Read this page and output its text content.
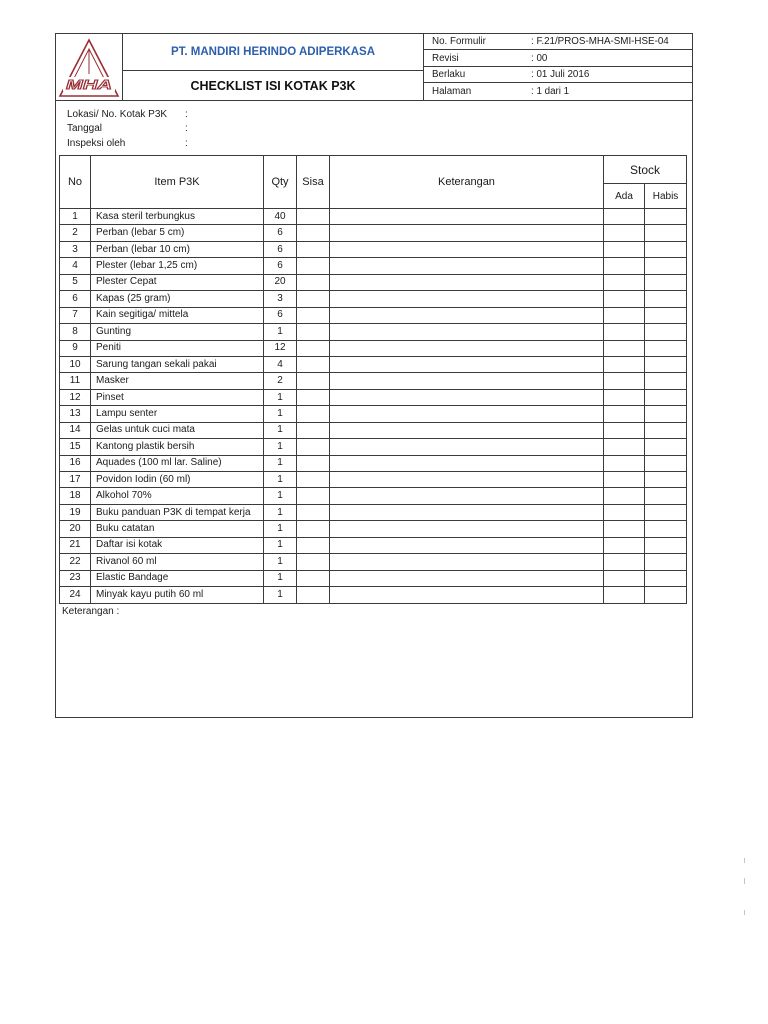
MHA
PT. MANDIRI HERINDO ADIPERKASA
CHECKLIST ISI KOTAK P3K
No. Formulir	: F.21/PROS-MHA-SMI-HSE-04
Revisi	: 00
Berlaku	: 01 Juli 2016
Halaman	: 1 dari 1
Lokasi/ No. Kotak P3K :
Tanggal	:
Inspeksi oleh	:
No	Item P3K	Qty	Sisa	Keterangan	Stock	
					Ada	Habis
1	Kasa steril terbungkus	40				
2	Perban (lebar 5 cm)	6				
3	Perban (lebar 10 cm)	6				
4	Plester (lebar 1,25 cm)	6				
5	Plester Cepat	20				
6	Kapas (25 gram)	3				
7	Kain segitiga/ mittela	6				
8	Gunting	1				
9	Peniti	12				
10	Sarung tangan sekali pakai	4				
11	Masker	2				
12	Pinset	1				
13	Lampu senter	1				
14	Gelas untuk cuci mata	1				
15	Kantong plastik bersih	1				
16	Aquades (100 ml lar. Saline)	1				
17	Povidon Iodin (60 ml)	1				
18	Alkohol 70%	1				
19	Buku panduan P3K di tempat kerja	1				
20	Buku catatan	1				
21	Daftar isi kotak	1				
22	Rivanol 60 ml	1				
23	Elastic Bandage	1				
24	Minyak kayu putih 60 ml	1				
Keterangan :
